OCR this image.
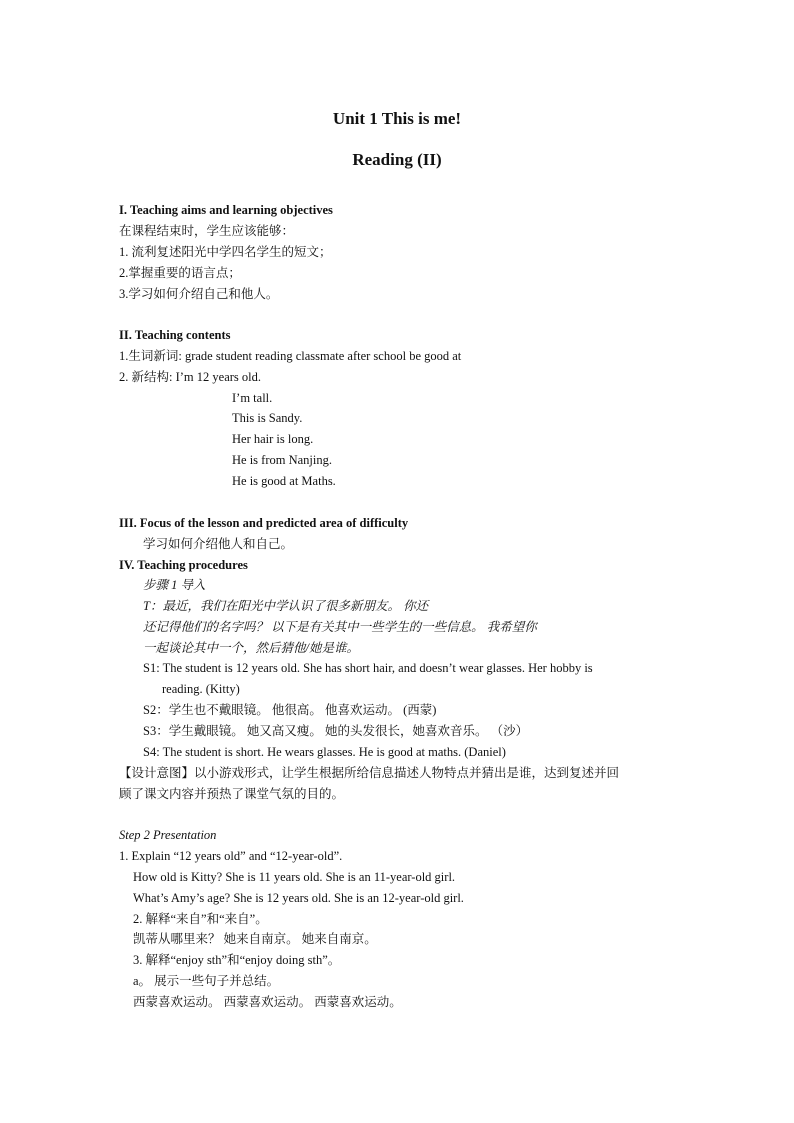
Unit 1 This is me!
Reading (II)
I. Teaching aims and learning objectives
在课程结束时，学生应该能够：
1. 流利复述阳光中学四名学生的短文；
2.掌握重要的语言点；
3.学习如何介绍自己和他人。
II. Teaching contents
1.生词新词: grade student reading classmate after school be good at
2. 新结构: I’m 12 years old.
I’m tall.
This is Sandy.
Her hair is long.
He is from Nanjing.
He is good at Maths.
III. Focus of the lesson and predicted area of difficulty
学习如何介绍他人和自己。
IV. Teaching procedures
步骤 1 导入
T：最近，我们在阳光中学认识了很多新朋友。 你还
还记得他们的名字吗？ 以下是有关其中一些学生的一些信息。 我希望你
一起谈论其中一个，然后猜他/她是谁。
S1: The student is 12 years old. She has short hair, and doesn’t wear glasses. Her hobby is
reading. (Kitty)
S2：学生也不戴眼镜。 他很高。 他喜欢运动。 (西蒙)
S3：学生戴眼镜。 她又高又瘦。 她的头发很长，她喜欢音乐。 （沙）
S4: The student is short. He wears glasses. He is good at maths. (Daniel)
【设计意图】以小游戏形式，让学生根据所给信息描述人物特点并猜出是谁，达到复述并回
顾了课文内容并预热了课堂气氛的目的。
Step 2 Presentation
1. Explain “12 years old” and “12-year-old”.
How old is Kitty? She is 11 years old. She is an 11-year-old girl.
What’s Amy’s age? She is 12 years old. She is an 12-year-old girl.
2. 解释“来自”和“来自”。
凯蒂从哪里来？ 她来自南京。 她来自南京。
3. 解释“enjoy sth”和“enjoy doing sth”。
a。 展示一些句子并总结。
西蒙喜欢运动。 西蒙喜欢运动。 西蒙喜欢运动。
